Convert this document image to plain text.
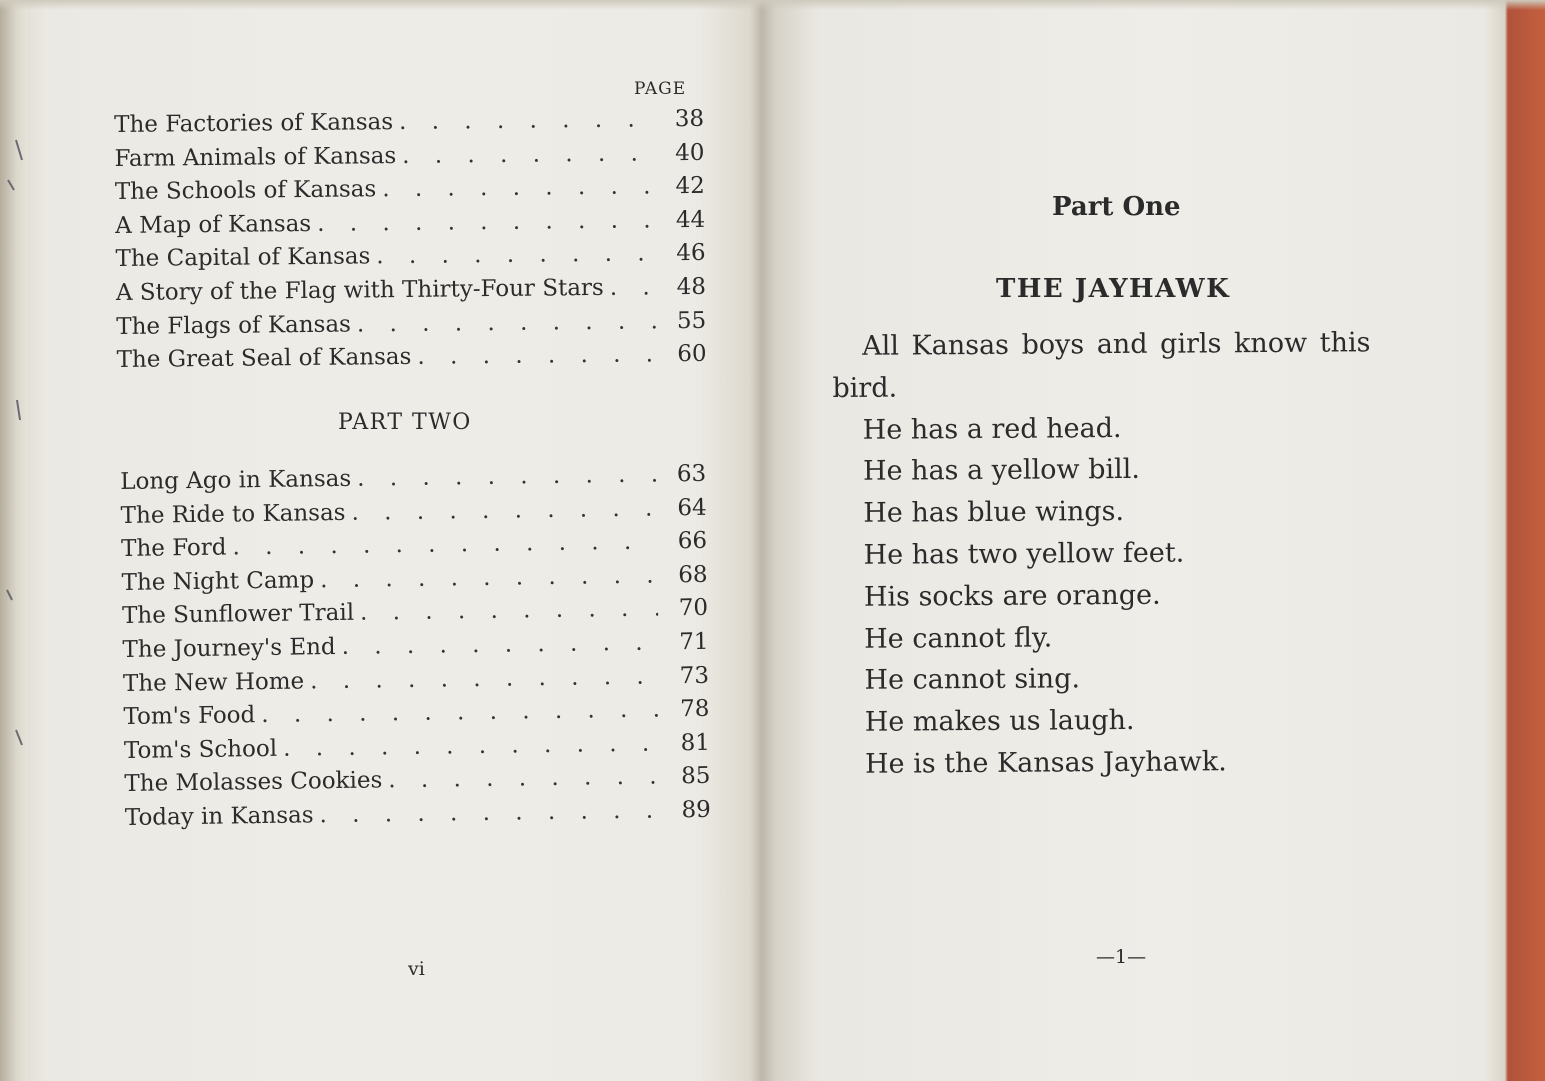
PAGE
The Factories of Kansas . . .	38
Farm Animals of Kansas . . .	40
The Schools of Kansas . . .	42
A Map of Kansas . . .	44
The Capital of Kansas . . .	46
A Story of the Flag with Thirty-Four Stars . . .	48
The Flags of Kansas . . .	55
The Great Seal of Kansas . . .	60
PART TWO
Long Ago in Kansas . . .	63
The Ride to Kansas . . .	64
The Ford . . .	66
The Night Camp . . .	68
The Sunflower Trail . . .	70
The Journey's End . . .	71
The New Home . . .	73
Tom's Food . . .	78
Tom's School . . .	81
The Molasses Cookies . . .	85
Today in Kansas . . .	89
vi
Part One
THE JAYHAWK

All Kansas boys and girls know this bird.

He has a red head.

He has a yellow bill.

He has blue wings.

He has two yellow feet.

His socks are orange.

He cannot fly.

He cannot sing.

He makes us laugh.

He is the Kansas Jayhawk.

—1—
